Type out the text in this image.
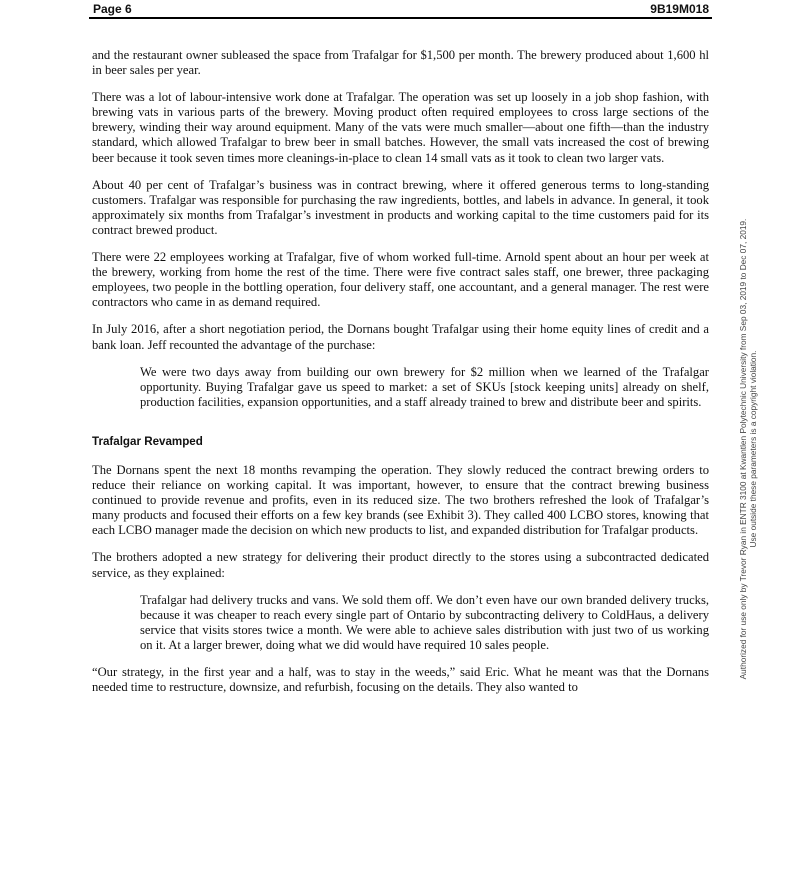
Page 6	9B19M018

and the restaurant owner subleased the space from Trafalgar for $1,500 per month. The brewery produced about 1,600 hl in beer sales per year.

There was a lot of labour-intensive work done at Trafalgar. The operation was set up loosely in a job shop fashion, with brewing vats in various parts of the brewery. Moving product often required employees to cross large sections of the brewery, winding their way around equipment. Many of the vats were much smaller—about one fifth—than the industry standard, which allowed Trafalgar to brew beer in small batches. However, the small vats increased the cost of brewing beer because it took seven times more cleanings-in-place to clean 14 small vats as it took to clean two larger vats.

About 40 per cent of Trafalgar’s business was in contract brewing, where it offered generous terms to long-standing customers. Trafalgar was responsible for purchasing the raw ingredients, bottles, and labels in advance. In general, it took approximately six months from Trafalgar’s investment in products and working capital to the time customers paid for its contract brewed product.

There were 22 employees working at Trafalgar, five of whom worked full-time. Arnold spent about an hour per week at the brewery, working from home the rest of the time. There were five contract sales staff, one brewer, three packaging employees, two people in the bottling operation, four delivery staff, one accountant, and a general manager. The rest were contractors who came in as demand required.

In July 2016, after a short negotiation period, the Dornans bought Trafalgar using their home equity lines of credit and a bank loan. Jeff recounted the advantage of the purchase:

We were two days away from building our own brewery for $2 million when we learned of the Trafalgar opportunity. Buying Trafalgar gave us speed to market: a set of SKUs [stock keeping units] already on shelf, production facilities, expansion opportunities, and a staff already trained to brew and distribute beer and spirits.

Trafalgar Revamped

The Dornans spent the next 18 months revamping the operation. They slowly reduced the contract brewing orders to reduce their reliance on working capital. It was important, however, to ensure that the contract brewing business continued to provide revenue and profits, even in its reduced size. The two brothers refreshed the look of Trafalgar’s many products and focused their efforts on a few key brands (see Exhibit 3). They called 400 LCBO stores, knowing that each LCBO manager made the decision on which new products to list, and expanded distribution for Trafalgar products.

The brothers adopted a new strategy for delivering their product directly to the stores using a subcontracted dedicated service, as they explained:

Trafalgar had delivery trucks and vans. We sold them off. We don’t even have our own branded delivery trucks, because it was cheaper to reach every single part of Ontario by subcontracting delivery to ColdHaus, a delivery service that visits stores twice a month. We were able to achieve sales distribution with just two of us working on it. At a larger brewer, doing what we did would have required 10 sales people.

“Our strategy, in the first year and a half, was to stay in the weeds,” said Eric. What he meant was that the Dornans needed time to restructure, downsize, and refurbish, focusing on the details. They also wanted to

Authorized for use only by Trevor Ryan in ENTR 3100 at Kwantlen Polytechnic University from Sep 03, 2019 to Dec 07, 2019. Use outside these parameters is a copyright violation.
